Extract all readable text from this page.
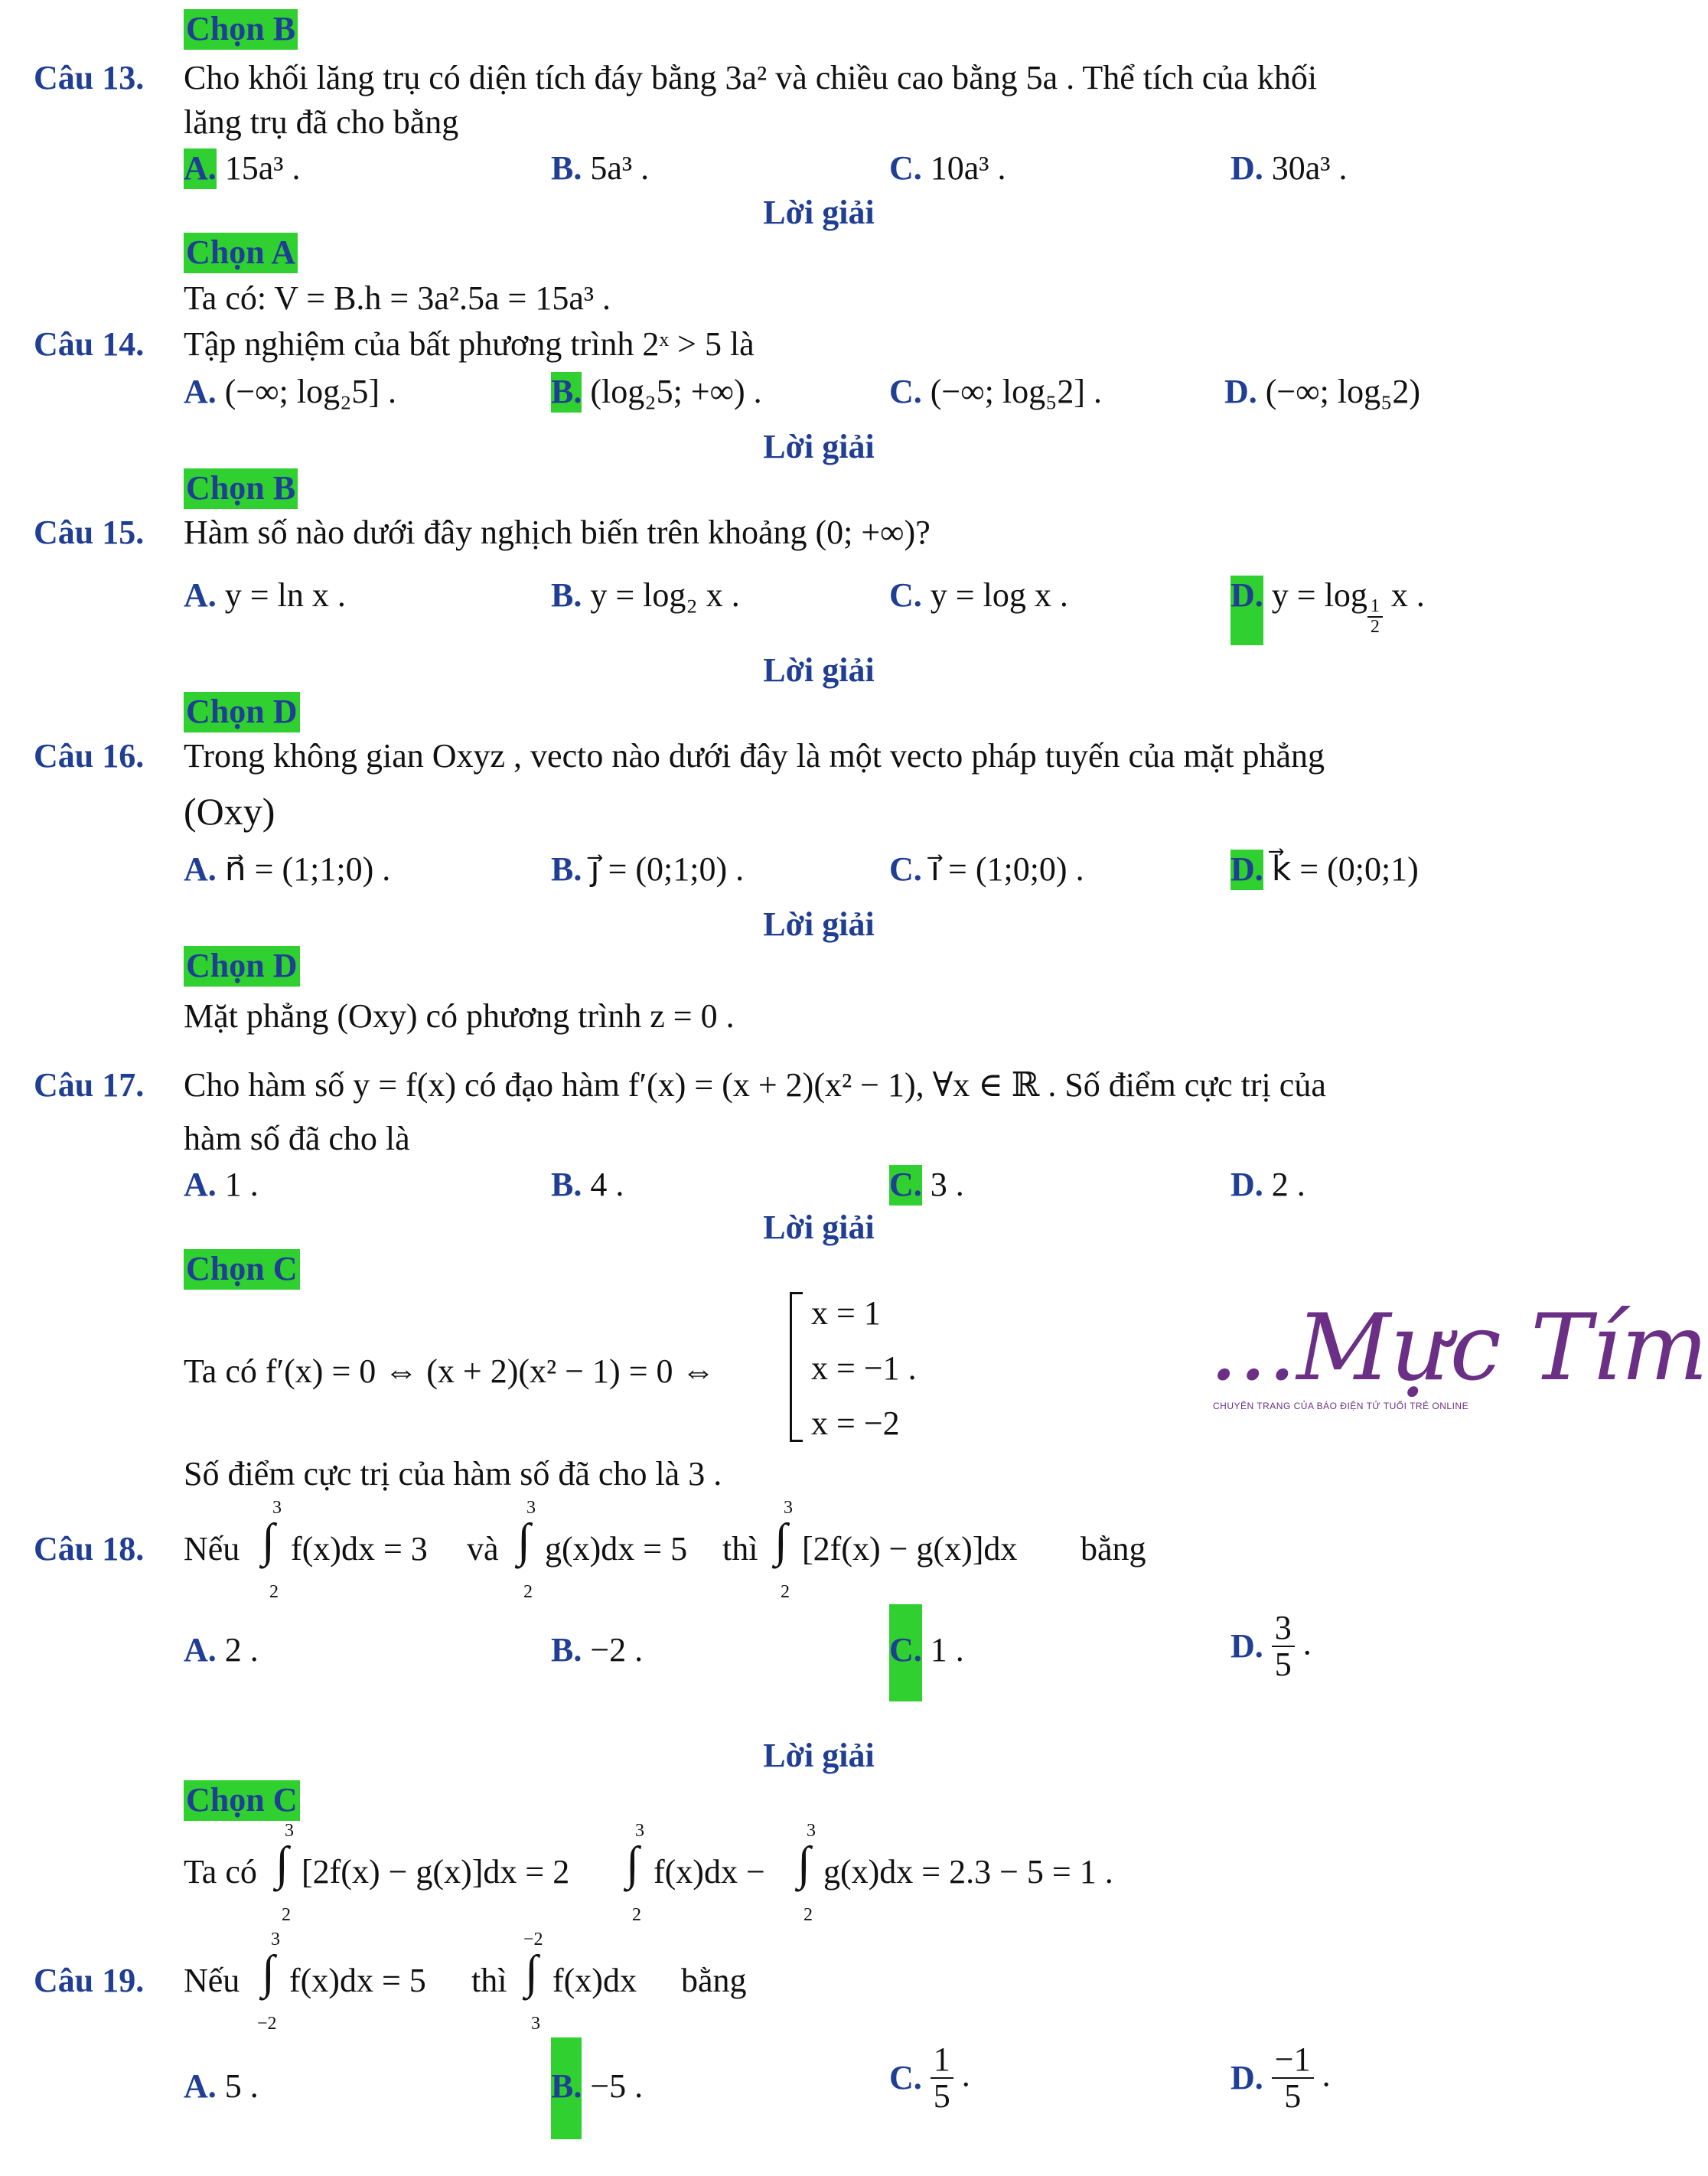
Chọn B
Câu 13. Cho khối lăng trụ có diện tích đáy bằng 3a² và chiều cao bằng 5a . Thể tích của khối
lăng trụ đã cho bằng
A. 15a³ .	B. 5a³ .	C. 10a³ .	D. 30a³ .
Lời giải
Chọn A
Ta có: V = B.h = 3a².5a = 15a³ .
Câu 14. Tập nghiệm của bất phương trình 2ˣ > 5 là
A. (−∞; log₂5] .	B. (log₂5; +∞) .	C. (−∞; log₅2] .	D. (−∞; log₅2)
Lời giải
Chọn B
Câu 15. Hàm số nào dưới đây nghịch biến trên khoảng (0; +∞)?
A. y = ln x .	B. y = log₂ x .	C. y = log x .	D. y = log
$\frac{1}{2}$
x .
Lời giải
Chọn D
Câu 16. Trong không gian Oxyz , vecto nào dưới đây là một vecto pháp tuyến của mặt phẳng
(Oxy)
A. n⃗ = (1;1;0) .	B. j⃗ = (0;1;0) .	C. i⃗ = (1;0;0) .	D. k⃗ = (0;0;1)
Lời giải
Chọn D
Mặt phẳng (Oxy) có phương trình z = 0 .
Câu 17. Cho hàm số y = f(x) có đạo hàm f′(x) = (x + 2)(x² − 1), ∀x ∈ ℝ . Số điểm cực trị của
hàm số đã cho là
A. 1 .	B. 4 .	C. 3 .	D. 2 .
Lời giải
Chọn C
Ta có f′(x) = 0 ⇔ (x + 2)(x² − 1) = 0 ⇔
x = 1
x = −1 .
x = −2
Số điểm cực trị của hàm số đã cho là 3 .
...Mực Tím
CHUYÊN TRANG CỦA BÁO ĐIỆN TỬ TUỔI TRẺ ONLINE
Câu 18. Nếu ∫
3
2
f(x)dx = 3 và ∫
3
2
g(x)dx = 5 thì ∫
3
2
[2f(x) − g(x)]dx bằng
A. 2 .	B. −2 .	C. 1 .	D. $\frac{3}{5}$ .
Lời giải
Chọn C
Ta có ∫
3
2
[2f(x) − g(x)]dx = 2 ∫
3
2
f(x)dx − ∫
3
2
g(x)dx = 2.3 − 5 = 1 .
Câu 19. Nếu ∫
3
−2
f(x)dx = 5 thì ∫
−2
3
f(x)dx bằng
A. 5 .	B. −5 .	C. $\frac{1}{5}$ .	D. $\frac{-1}{5}$ .
